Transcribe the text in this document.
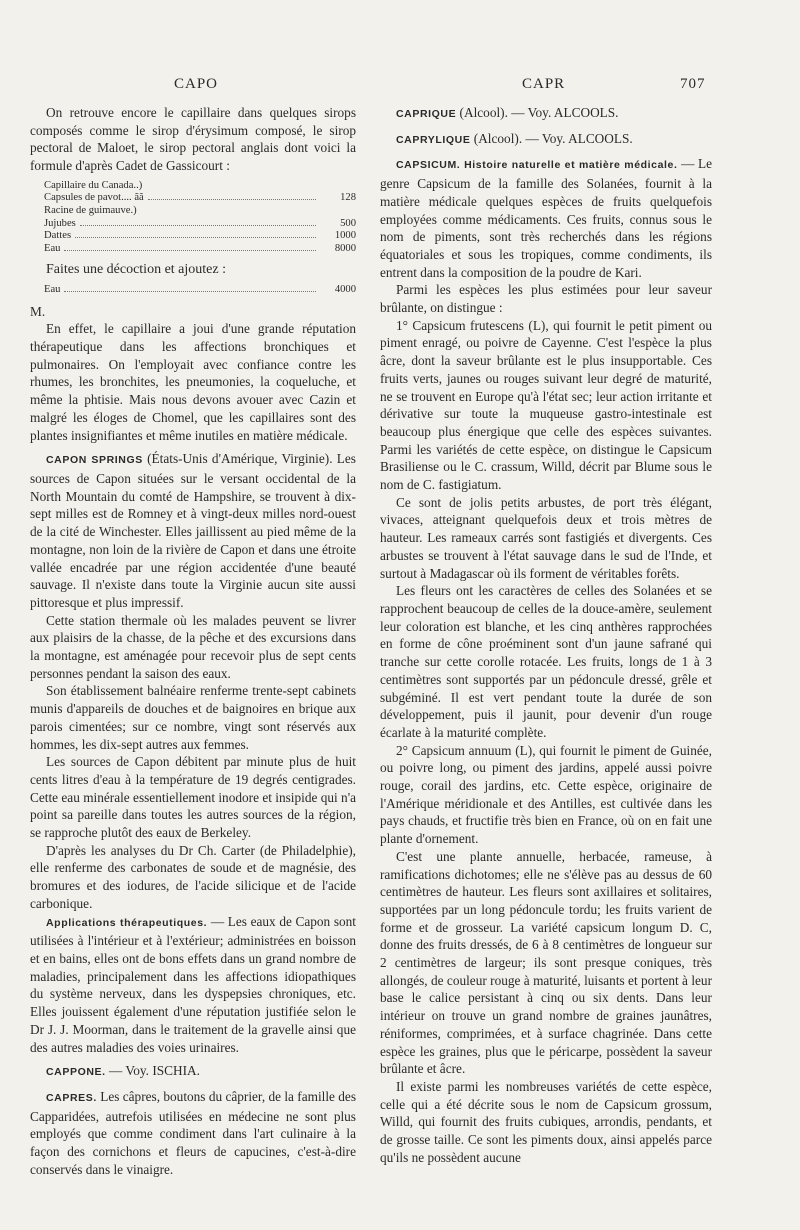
CAPO	CAPR	707

On retrouve encore le capillaire dans quelques sirops composés comme le sirop d'érysimum composé, le sirop pectoral de Maloet, le sirop pectoral anglais dont voici la formule d'après Cadet de Gassicourt :

Capillaire du Canada.. )
Capsules de pavot.... ãã	128
Racine de guimauve. )
Jujubes	500
Dattes	1000
Eau	8000

Faites une décoction et ajoutez :

Eau	4000

M.

En effet, le capillaire a joui d'une grande réputation thérapeutique dans les affections bronchiques et pulmonaires. On l'employait avec confiance contre les rhumes, les bronchites, les pneumonies, la coqueluche, et même la phtisie. Mais nous devons avouer avec Cazin et malgré les éloges de Chomel, que les capillaires sont des plantes insignifiantes et même inutiles en matière médicale.

CAPON SPRINGS (États-Unis d'Amérique, Virginie). Les sources de Capon situées sur le versant occidental de la North Mountain du comté de Hampshire, se trouvent à dix-sept milles est de Romney et à vingt-deux milles nord-ouest de la cité de Winchester. Elles jaillissent au pied même de la montagne, non loin de la rivière de Capon et dans une étroite vallée encadrée par une région accidentée d'une beauté sauvage. Il n'existe dans toute la Virginie aucun site aussi pittoresque et plus impressif.

Cette station thermale où les malades peuvent se livrer aux plaisirs de la chasse, de la pêche et des excursions dans la montagne, est aménagée pour recevoir plus de sept cents personnes pendant la saison des eaux.

Son établissement balnéaire renferme trente-sept cabinets munis d'appareils de douches et de baignoires en brique aux parois cimentées; sur ce nombre, vingt sont réservés aux hommes, les dix-sept autres aux femmes.

Les sources de Capon débitent par minute plus de huit cents litres d'eau à la température de 19 degrés centigrades. Cette eau minérale essentiellement inodore et insipide qui n'a point sa pareille dans toutes les autres sources de la région, se rapproche plutôt des eaux de Berkeley.

D'après les analyses du Dr Ch. Carter (de Philadelphie), elle renferme des carbonates de soude et de magnésie, des bromures et des iodures, de l'acide silicique et de l'acide carbonique.

Applications thérapeutiques. — Les eaux de Capon sont utilisées à l'intérieur et à l'extérieur; administrées en boisson et en bains, elles ont de bons effets dans un grand nombre de maladies, principalement dans les affections idiopathiques du système nerveux, dans les dyspepsies chroniques, etc. Elles jouissent également d'une réputation justifiée selon le Dr J. J. Moorman, dans le traitement de la gravelle ainsi que des autres maladies des voies urinaires.

CAPPONE. — Voy. ISCHIA.

CAPRES. Les câpres, boutons du câprier, de la famille des Capparidées, autrefois utilisées en médecine ne sont plus employés que comme condiment dans l'art culinaire à la façon des cornichons et fleurs de capucines, c'est-à-dire conservés dans le vinaigre.

CAPRIQUE (Alcool). — Voy. ALCOOLS.

CAPRYLIQUE (Alcool). — Voy. ALCOOLS.

CAPSICUM. Histoire naturelle et matière médicale. — Le genre Capsicum de la famille des Solanées, fournit à la matière médicale quelques espèces de fruits quelquefois employées comme médicaments. Ces fruits, connus sous le nom de piments, sont très recherchés dans les régions équatoriales et sous les tropiques, comme condiments, ils entrent dans la composition de la poudre de Kari.

Parmi les espèces les plus estimées pour leur saveur brûlante, on distingue :

1° Capsicum frutescens (L), qui fournit le petit piment ou piment enragé, ou poivre de Cayenne. C'est l'espèce la plus âcre, dont la saveur brûlante est le plus insupportable. Ces fruits verts, jaunes ou rouges suivant leur degré de maturité, ne se trouvent en Europe qu'à l'état sec; leur action irritante et dérivative sur toute la muqueuse gastro-intestinale est beaucoup plus énergique que celle des espèces suivantes. Parmi les variétés de cette espèce, on distingue le Capsicum Brasiliense ou le C. crassum, Willd, décrit par Blume sous le nom de C. fastigiatum.

Ce sont de jolis petits arbustes, de port très élégant, vivaces, atteignant quelquefois deux et trois mètres de hauteur. Les rameaux carrés sont fastigiés et divergents. Ces arbustes se trouvent à l'état sauvage dans le sud de l'Inde, et surtout à Madagascar où ils forment de véritables forêts.

Les fleurs ont les caractères de celles des Solanées et se rapprochent beaucoup de celles de la douce-amère, seulement leur coloration est blanche, et les cinq anthères rapprochées en forme de cône proéminent sont d'un jaune safrané qui tranche sur cette corolle rotacée. Les fruits, longs de 1 à 3 centimètres sont supportés par un pédoncule dressé, grêle et subgéminé. Il est vert pendant toute la durée de son développement, puis il jaunit, pour devenir d'un rouge écarlate à la maturité complète.

2° Capsicum annuum (L), qui fournit le piment de Guinée, ou poivre long, ou piment des jardins, appelé aussi poivre rouge, corail des jardins, etc. Cette espèce, originaire de l'Amérique méridionale et des Antilles, est cultivée dans les pays chauds, et fructifie très bien en France, où on en fait une plante d'ornement.

C'est une plante annuelle, herbacée, rameuse, à ramifications dichotomes; elle ne s'élève pas au dessus de 60 centimètres de hauteur. Les fleurs sont axillaires et solitaires, supportées par un long pédoncule tordu; les fruits varient de forme et de grosseur. La variété capsicum longum D. C, donne des fruits dressés, de 6 à 8 centimètres de longueur sur 2 centimètres de largeur; ils sont presque coniques, très allongés, de couleur rouge à maturité, luisants et portent à leur base le calice persistant à cinq ou six dents. Dans leur intérieur on trouve un grand nombre de graines jaunâtres, réniformes, comprimées, et à surface chagrinée. Dans cette espèce les graines, plus que le péricarpe, possèdent la saveur brûlante et âcre.

Il existe parmi les nombreuses variétés de cette espèce, celle qui a été décrite sous le nom de Capsicum grossum, Willd, qui fournit des fruits cubiques, arrondis, pendants, et de grosse taille. Ce sont les piments doux, ainsi appelés parce qu'ils ne possèdent aucune
